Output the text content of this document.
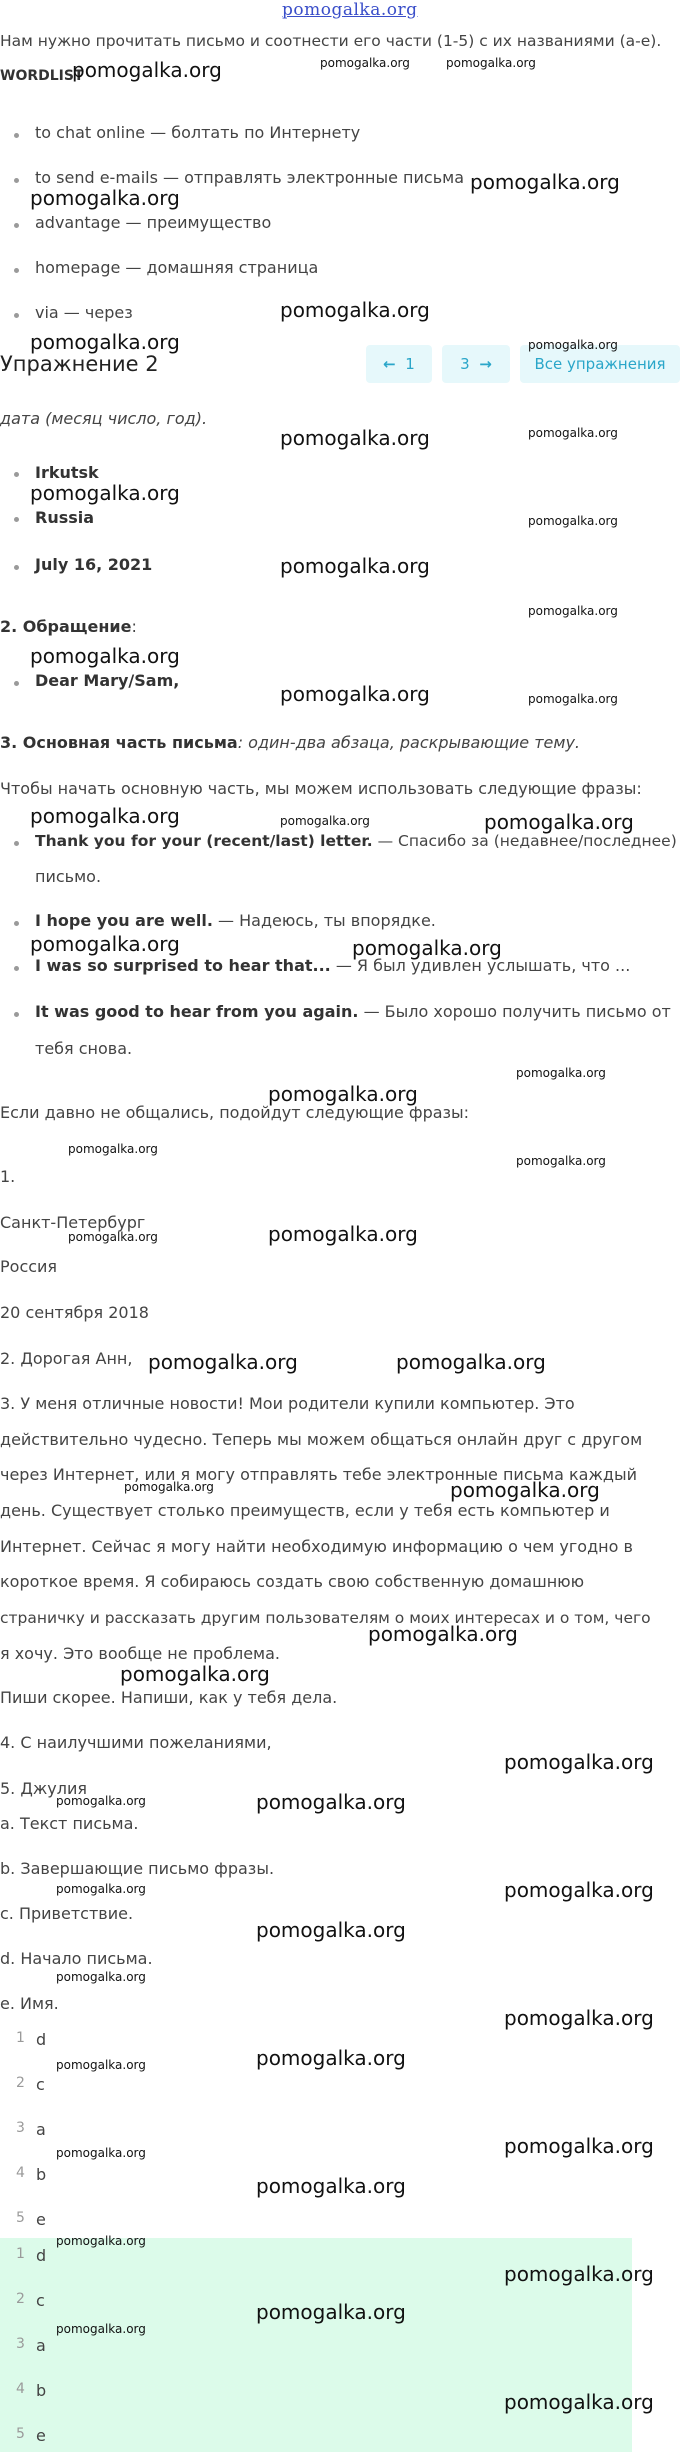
pomogalka.org
Нам нужно прочитать письмо и соотнести его части (1-5) с их названиями (a-e).
WORDLIST
to chat online — болтать по Интернету
to send e-mails — отправлять электронные письма
advantage — преимущество
homepage — домашняя страница
via — через
Упражнение 2	← 1	3 →	Все упражнения
дата (месяц число, год).
Irkutsk
Russia
July 16, 2021
2. Обращение:
Dear Mary/Sam,
3. Основная часть письма: один-два абзаца, раскрывающие тему.
Чтобы начать основную часть, мы можем использовать следующие фразы:
Thank you for your (recent/last) letter. — Спасибо за (недавнее/последнее)
письмо.
I hope you are well. — Надеюсь, ты впорядке.
I was so surprised to hear that... — Я был удивлен услышать, что ...
It was good to hear from you again. — Было хорошо получить письмо от
тебя снова.
Если давно не общались, подойдут следующие фразы:
1.
Санкт-Петербург
Россия
20 сентября 2018
2. Дорогая Анн,
3. У меня отличные новости! Мои родители купили компьютер. Это
действительно чудесно. Теперь мы можем общаться онлайн друг с другом
через Интернет, или я могу отправлять тебе электронные письма каждый
день. Существует столько преимуществ, если у тебя есть компьютер и
Интернет. Сейчас я могу найти необходимую информацию о чем угодно в
короткое время. Я собираюсь создать свою собственную домашнюю
страничку и рассказать другим пользователям о моих интересах и о том, чего
я хочу. Это вообще не проблема.
Пиши скорее. Напиши, как у тебя дела.
4. С наилучшими пожеланиями,
5. Джулия
a. Текст письма.
b. Завершающие письмо фразы.
c. Приветствие.
d. Начало письма.
e. Имя.
1 d
2 c
3 a
4 b
5 e
1 d
2 c
3 a
4 b
5 e
pomogalka.org	pomogalka.org	pomogalka.org
pomogalka.org
pomogalka.org
pomogalka.org
pomogalka.org	pomogalka.org
pomogalka.org	pomogalka.org
pomogalka.org
pomogalka.org
pomogalka.org
pomogalka.org
pomogalka.org
pomogalka.org	pomogalka.org
pomogalka.org	pomogalka.org	pomogalka.org
pomogalka.org	pomogalka.org
pomogalka.org
pomogalka.org
pomogalka.org
pomogalka.org
pomogalka.org	pomogalka.org
pomogalka.org	pomogalka.org
pomogalka.org	pomogalka.org
pomogalka.org
pomogalka.org
pomogalka.org
pomogalka.org	pomogalka.org
pomogalka.org	pomogalka.org
pomogalka.org
pomogalka.org
pomogalka.org
pomogalka.org	pomogalka.org
pomogalka.org	pomogalka.org
pomogalka.org
pomogalka.org
pomogalka.org
pomogalka.org
pomogalka.org
pomogalka.org
